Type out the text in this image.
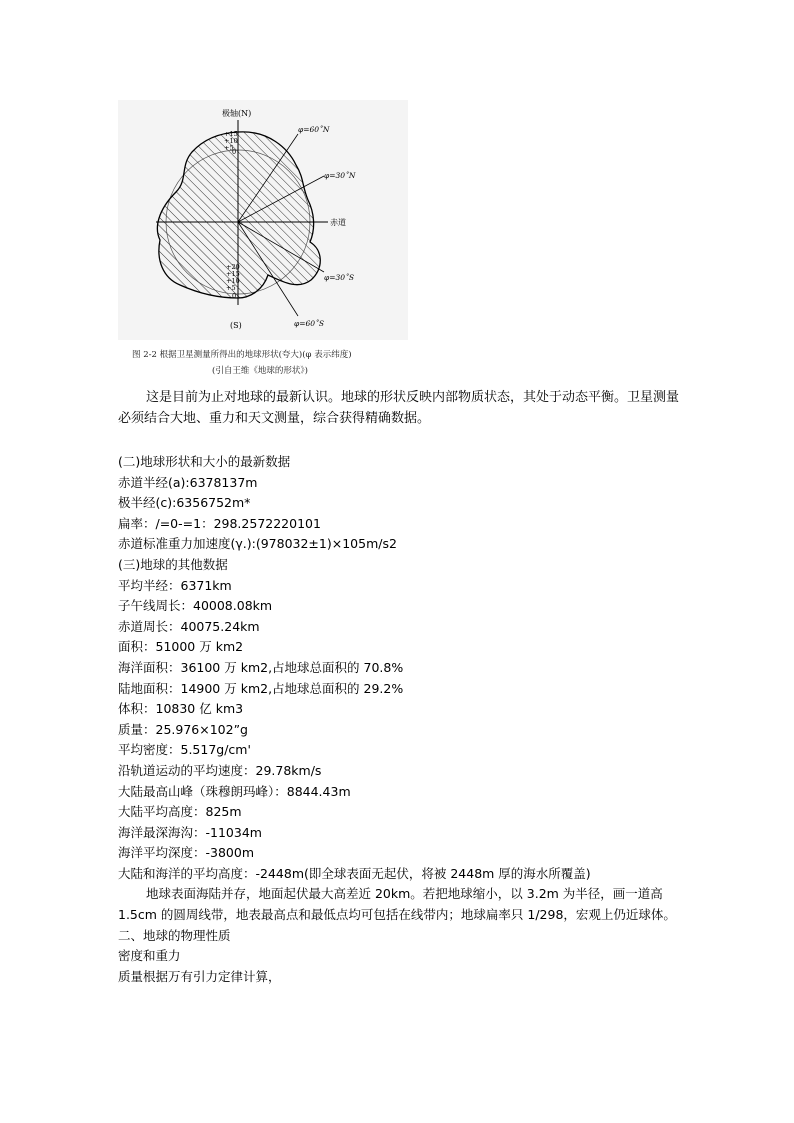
极轴(N)
(S)
赤道
φ=60˚N
φ=30˚N
φ=30˚S
φ=60˚S
+15
+10
+5
0
+20
+15
+10
+5
0
图 2-2 根据卫星测量所得出的地球形状(夸大)(φ 表示纬度)
(引自王维《地球的形状》)
这是目前为止对地球的最新认识。地球的形状反映内部物质状态，其处于动态平衡。卫星测量必须结合大地、重力和天文测量，综合获得精确数据。
(二)地球形状和大小的最新数据
赤道半经(a):6378137m
极半经(c):6356752m*
扁率：/=0-=1：298.2572220101
赤道标准重力加速度(γ.):(978032±1)×105m/s2
(三)地球的其他数据
平均半经：6371km
子午线周长：40008.08km
赤道周长：40075.24km
面积：51000 万 km2
海洋面积：36100 万 km2,占地球总面积的 70.8%
陆地面积：14900 万 km2,占地球总面积的 29.2%
体积：10830 亿 km3
质量：25.976×102”g
平均密度：5.517g/cm'
沿轨道运动的平均速度：29.78km/s
大陆最高山峰（珠穆朗玛峰）：8844.43m
大陆平均高度：825m
海洋最深海沟：-11034m
海洋平均深度：-3800m
大陆和海洋的平均高度：-2448m(即全球表面无起伏，将被 2448m 厚的海水所覆盖)
地球表面海陆并存，地面起伏最大高差近 20km。若把地球缩小，以 3.2m 为半径，画一道高 1.5cm 的圆周线带，地表最高点和最低点均可包括在线带内；地球扁率只 1/298，宏观上仍近球体。
二、地球的物理性质
密度和重力
质量根据万有引力定律计算，
